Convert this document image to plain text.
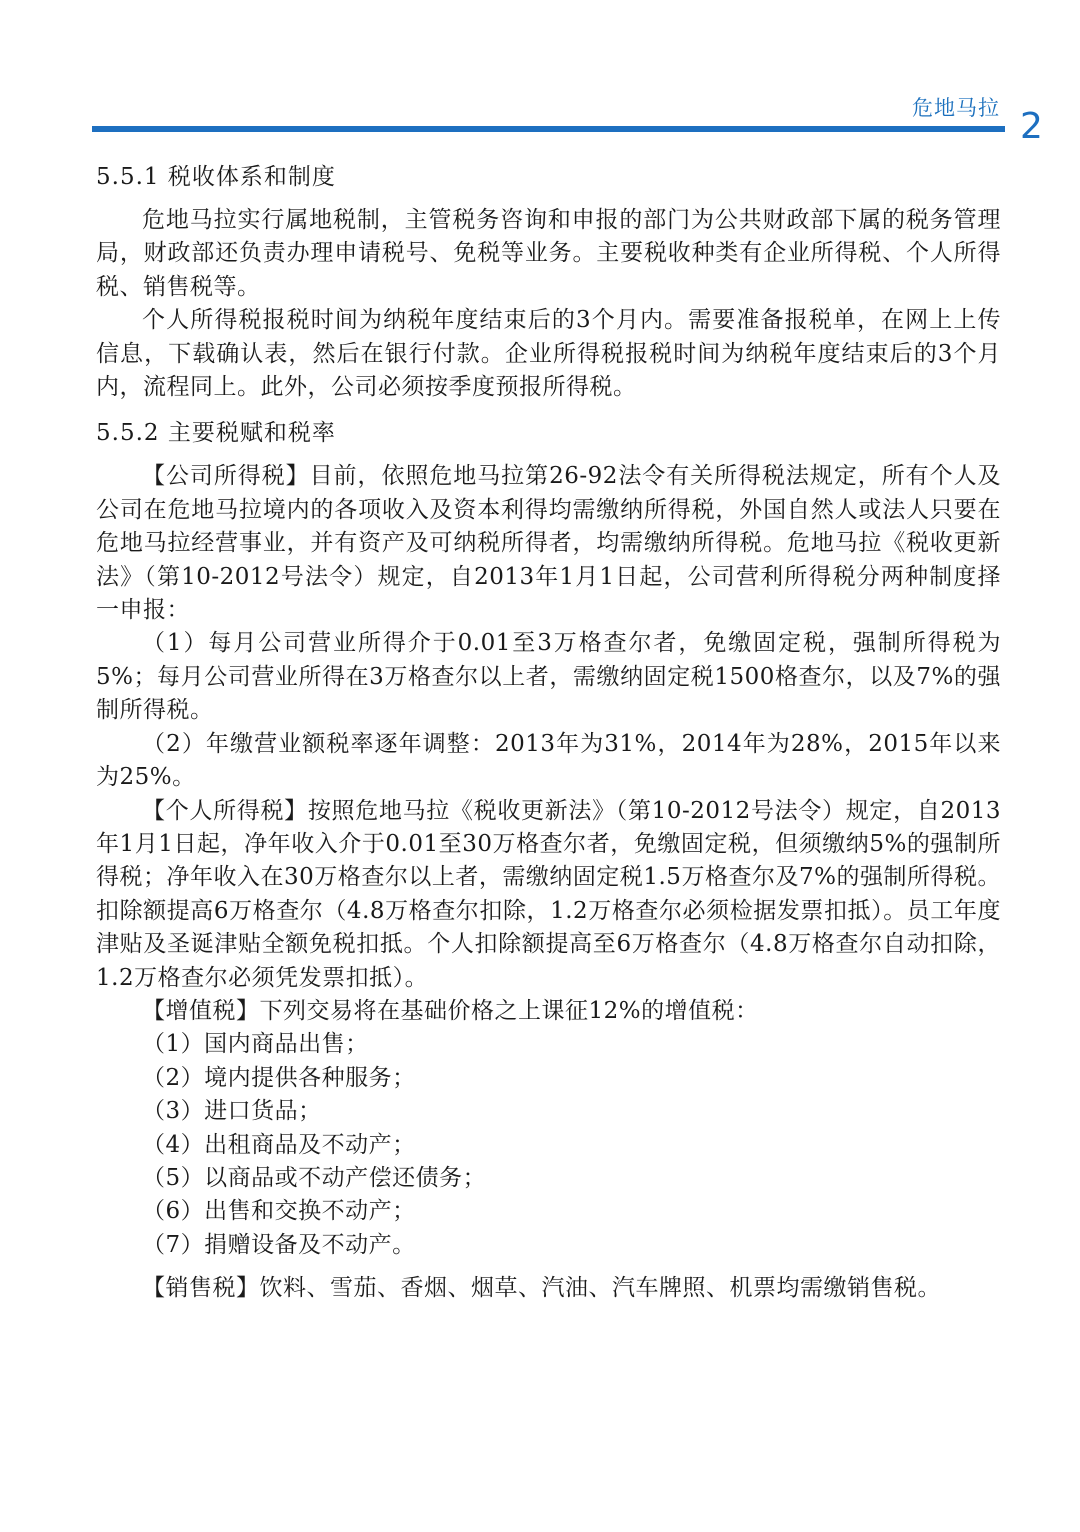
危地马拉 2

5.5.1 税收体系和制度

危地马拉实行属地税制，主管税务咨询和申报的部门为公共财政部下属的税务管理局，财政部还负责办理申请税号、免税等业务。主要税收种类有企业所得税、个人所得税、销售税等。

个人所得税报税时间为纳税年度结束后的3个月内。需要准备报税单，在网上上传信息，下载确认表，然后在银行付款。企业所得税报税时间为纳税年度结束后的3个月内，流程同上。此外，公司必须按季度预报所得税。

5.5.2 主要税赋和税率

【公司所得税】目前，依照危地马拉第26-92法令有关所得税法规定，所有个人及公司在危地马拉境内的各项收入及资本利得均需缴纳所得税，外国自然人或法人只要在危地马拉经营事业，并有资产及可纳税所得者，均需缴纳所得税。危地马拉《税收更新法》（第10-2012号法令）规定，自2013年1月1日起，公司营利所得税分两种制度择一申报：

（1）每月公司营业所得介于0.01至3万格查尔者，免缴固定税，强制所得税为5%；每月公司营业所得在3万格查尔以上者，需缴纳固定税1500格查尔，以及7%的强制所得税。

（2）年缴营业额税率逐年调整：2013年为31%，2014年为28%，2015年以来为25%。

【个人所得税】按照危地马拉《税收更新法》（第10-2012号法令）规定，自2013年1月1日起，净年收入介于0.01至30万格查尔者，免缴固定税，但须缴纳5%的强制所得税；净年收入在30万格查尔以上者，需缴纳固定税1.5万格查尔及7%的强制所得税。扣除额提高6万格查尔（4.8万格查尔扣除，1.2万格查尔必须检据发票扣抵）。员工年度津贴及圣诞津贴全额免税扣抵。个人扣除额提高至6万格查尔（4.8万格查尔自动扣除，1.2万格查尔必须凭发票扣抵）。

【增值税】下列交易将在基础价格之上课征12%的增值税：

（1）国内商品出售；
（2）境内提供各种服务；
（3）进口货品；
（4）出租商品及不动产；
（5）以商品或不动产偿还债务；
（6）出售和交换不动产；
（7）捐赠设备及不动产。

【销售税】饮料、雪茄、香烟、烟草、汽油、汽车牌照、机票均需缴销售税。
